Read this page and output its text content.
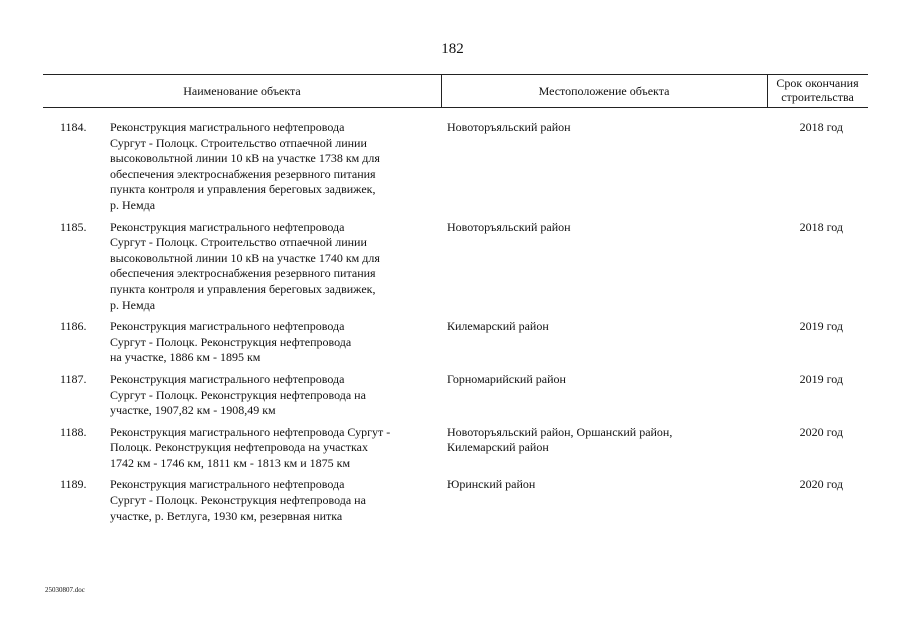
182
Наименование объекта	Местоположение объекта
Срок окончания
строительства
1184.	Реконструкция магистрального нефтепровода
Сургут - Полоцк. Строительство отпаечной линии
высоковольтной линии 10 кВ на участке 1738 км для
обеспечения электроснабжения резервного питания
пункта контроля и управления береговых задвижек,
р. Немда
Новоторъяльский район	2018 год
1185.	Реконструкция магистрального нефтепровода
Сургут - Полоцк. Строительство отпаечной линии
высоковольтной линии 10 кВ на участке 1740 км для
обеспечения электроснабжения резервного питания
пункта контроля и управления береговых задвижек,
р. Немда
Новоторъяльский район	2018 год
1186.	Реконструкция магистрального нефтепровода
Сургут - Полоцк. Реконструкция нефтепровода
на участке, 1886 км - 1895 км
Килемарский район	2019 год
1187.	Реконструкция магистрального нефтепровода
Сургут - Полоцк. Реконструкция нефтепровода на
участке, 1907,82 км - 1908,49 км
Горномарийский район	2019 год
1188.	Реконструкция магистрального нефтепровода Сургут -
Полоцк. Реконструкция нефтепровода на участках
1742 км - 1746 км, 1811 км - 1813 км и 1875 км
Новоторъяльский район, Оршанский район,
Килемарский район
2020 год
1189.	Реконструкция магистрального нефтепровода
Сургут - Полоцк. Реконструкция нефтепровода на
участке, р. Ветлуга, 1930 км, резервная нитка
Юринский район	2020 год
25030807.doc
